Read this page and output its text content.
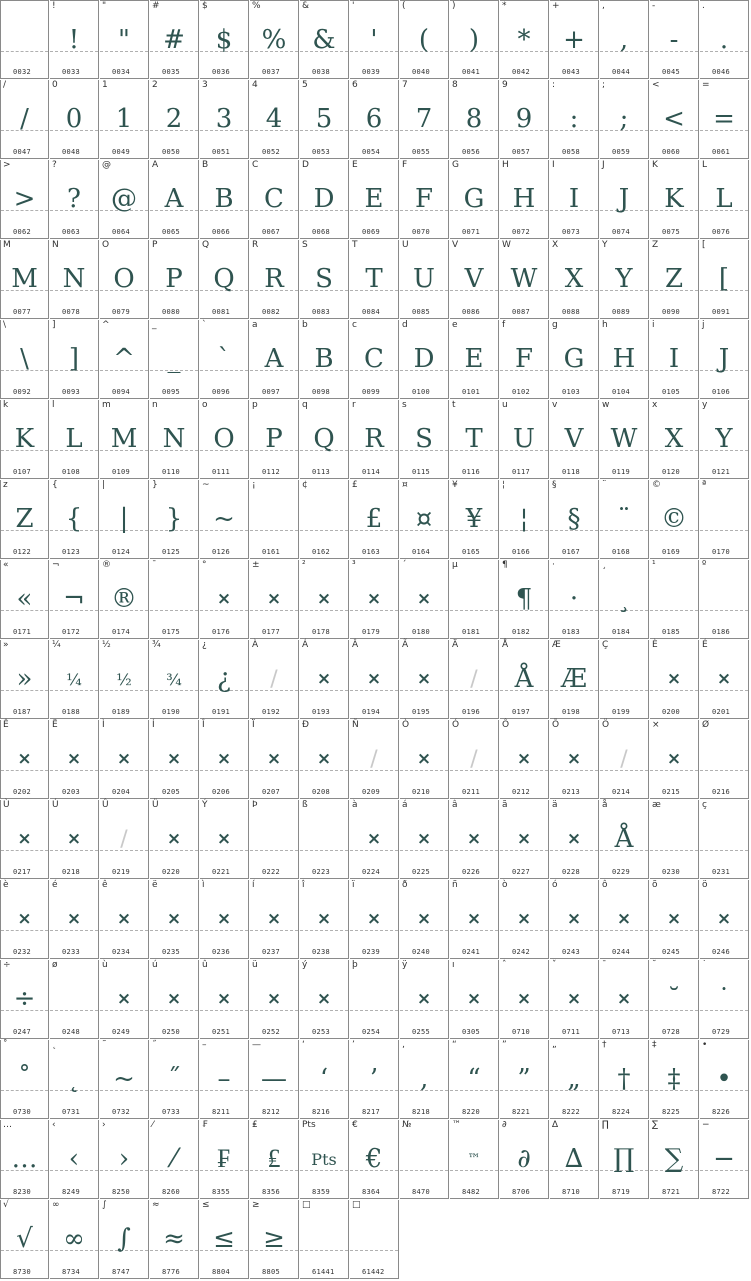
0032
!
!
0033
"
"
0034
#
#
0035
$
$
0036
%
%
0037
&
&
0038
'
'
0039
(
(
0040
)
)
0041
*
*
0042
+
+
0043
,
,
0044
-
-
0045
.
.
0046
/
/
0047
0
0
0048
1
1
0049
2
2
0050
3
3
0051
4
4
0052
5
5
0053
6
6
0054
7
7
0055
8
8
0056
9
9
0057
:
:
0058
;
;
0059
<
<
0060
=
=
0061
>
>
0062
?
?
0063
@
@
0064
A
A
0065
B
B
0066
C
C
0067
D
D
0068
E
E
0069
F
F
0070
G
G
0071
H
H
0072
I
I
0073
J
J
0074
K
K
0075
L
L
0076
M
M
0077
N
N
0078
O
O
0079
P
P
0080
Q
Q
0081
R
R
0082
S
S
0083
T
T
0084
U
U
0085
V
V
0086
W
W
0087
X
X
0088
Y
Y
0089
Z
Z
0090
[
[
0091
\
\
0092
]
]
0093
^
^
0094
_
_
0095
`
`
0096
a
A
0097
b
B
0098
c
C
0099
d
D
0100
e
E
0101
f
F
0102
g
G
0103
h
H
0104
i
I
0105
j
J
0106
k
K
0107
l
L
0108
m
M
0109
n
N
0110
o
O
0111
p
P
0112
q
Q
0113
r
R
0114
s
S
0115
t
T
0116
u
U
0117
v
V
0118
w
W
0119
x
X
0120
y
Y
0121
z
Z
0122
{
{
0123
|
|
0124
}
}
0125
~
~
0126
¡
0161
¢
0162
£
£
0163
¤
¤
0164
¥
¥
0165
¦
¦
0166
§
§
0167
¨
¨
0168
©
©
0169
ª
0170
«
«
0171
¬
¬
0172
®
®
0174
¯
0175
°
×
0176
±
×
0177
²
×
0178
³
×
0179
´
×
0180
µ
0181
¶
¶
0182
·
·
0183
¸
¸
0184
¹
0185
º
0186
»
»
0187
¼
¼
0188
½
½
0189
¾
¾
0190
¿
¿
0191
À
/
0192
Á
×
0193
Â
×
0194
Ã
×
0195
Ä
/
0196
Å
Å
0197
Æ
Æ
0198
Ç
0199
È
×
0200
É
×
0201
Ê
×
0202
Ë
×
0203
Ì
×
0204
Í
×
0205
Î
×
0206
Ï
×
0207
Ð
×
0208
Ñ
/
0209
Ò
×
0210
Ó
/
0211
Ô
×
0212
Õ
×
0213
Ö
/
0214
×
×
0215
Ø
0216
Ù
×
0217
Ú
×
0218
Û
/
0219
Ü
×
0220
Ý
×
0221
Þ
0222
ß
0223
à
×
0224
á
×
0225
â
×
0226
ã
×
0227
ä
×
0228
å
Å
0229
æ
0230
ç
0231
è
×
0232
é
×
0233
ê
×
0234
ë
×
0235
ì
×
0236
í
×
0237
î
×
0238
ï
×
0239
ð
×
0240
ñ
×
0241
ò
×
0242
ó
×
0243
ô
×
0244
õ
×
0245
ö
×
0246
÷
÷
0247
ø
0248
ù
×
0249
ú
×
0250
û
×
0251
ü
×
0252
ý
×
0253
þ
0254
ÿ
×
0255
ı
×
0305
ˆ
×
0710
ˇ
×
0711
ˉ
×
0713
˘
˘
0728
˙
˙
0729
˚
˚
0730
˛
˛
0731
˜
~
0732
˝
˝
0733
–
–
8211
—
—
8212
‘
‘
8216
’
’
8217
‚
‚
8218
“
“
8220
”
”
8221
„
„
8222
†
†
8224
‡
‡
8225
•
•
8226
…
…
8230
‹
‹
8249
›
›
8250
⁄
⁄
8260
₣
₣
8355
₤
₤
8356
Pts
Pts
8359
€
€
8364
№
8470
™
™
8482
∂
∂
8706
∆
∆
8710
∏
∏
8719
∑
∑
8721
−
−
8722
√
√
8730
∞
∞
8734
∫
∫
8747
≈
≈
8776
≤
≤
8804
≥
≥
8805
□
61441
□
61442
